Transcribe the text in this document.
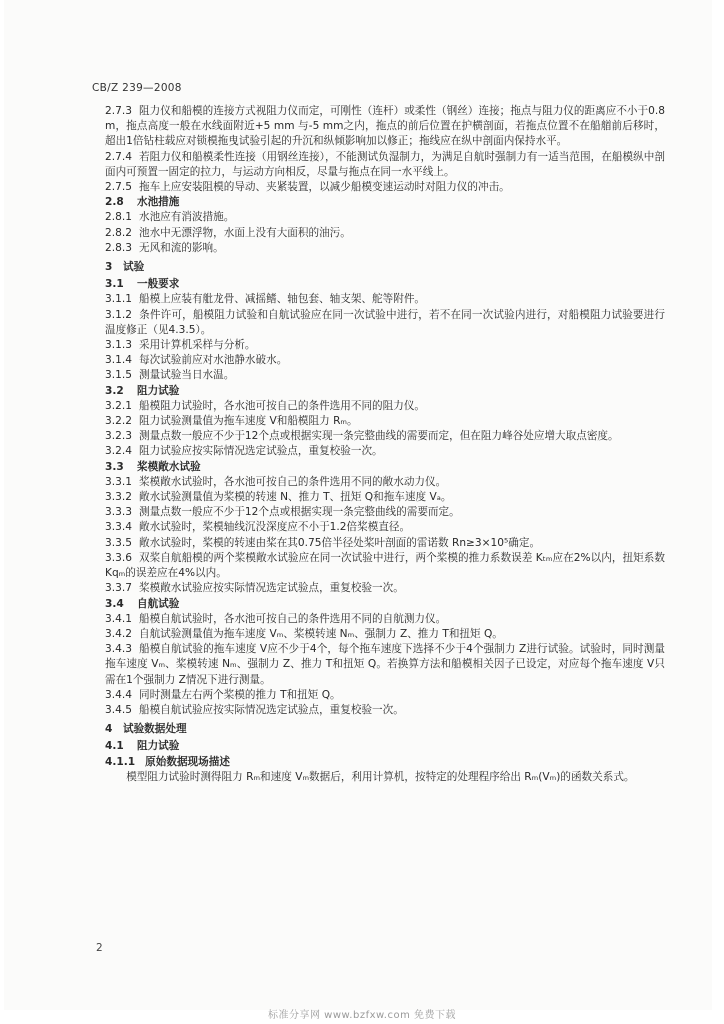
CB/Z 239—2008
2.7.3 阻力仪和船模的连接方式视阻力仪而定，可刚性（连杆）或柔性（钢丝）连接；拖点与阻力仪的距离应不小于0.8 m，拖点高度一般在水线面附近+5 mm 与-5 mm之内，拖点的前后位置在护横剖面，若拖点位置不在船艏前后移时，超出1倍钻柱载应对锁模拖曳试验引起的升沉和纵倾影响加以修正；拖线应在纵中剖面内保持水平。
2.7.4 若阻力仪和船模柔性连接（用钢丝连接），不能测试负湿制力，为满足自航时强制力有一适当范围，在船模纵中剖面内可预置一固定的拉力，与运动方向相反，尽量与拖点在同一水平线上。
2.7.5 拖车上应安装阻模的导动、夹紧装置，以减少船模变速运动时对阻力仪的冲击。
2.8 水池措施
2.8.1 水池应有消波措施。
2.8.2 池水中无漂浮物，水面上没有大面积的油污。
2.8.3 无风和流的影响。
3 试验
3.1 一般要求
3.1.1 船模上应装有舭龙骨、减摇鳍、轴包套、轴支架、舵等附件。
3.1.2 条件许可，船模阻力试验和自航试验应在同一次试验中进行，若不在同一次试验内进行，对船模阻力试验要进行温度修正（见4.3.5）。
3.1.3 采用计算机采样与分析。
3.1.4 每次试验前应对水池静水破水。
3.1.5 测量试验当日水温。
3.2 阻力试验
3.2.1 船模阻力试验时，各水池可按自己的条件选用不同的阻力仪。
3.2.2 阻力试验测量值为拖车速度 V和船模阻力 Rₘ。
3.2.3 测量点数一般应不少于12个点或根据实现一条完整曲线的需要而定，但在阻力峰谷处应增大取点密度。
3.2.4 阻力试验应按实际情况选定试验点，重复校验一次。
3.3 桨模敞水试验
3.3.1 桨模敞水试验时，各水池可按自己的条件选用不同的敞水动力仪。
3.3.2 敞水试验测量值为桨模的转速 N、推力 T、扭矩 Q和拖车速度 Vₐ。
3.3.3 测量点数一般应不少于12个点或根据实现一条完整曲线的需要而定。
3.3.4 敞水试验时，桨模轴线沉没深度应不小于1.2倍桨模直径。
3.3.5 敞水试验时，桨模的转速由桨在其0.75倍半径处桨叶剖面的雷诺数 Rn≥3×10⁵确定。
3.3.6 双桨自航船模的两个桨模敞水试验应在同一次试验中进行，两个桨模的推力系数误差 Kₜₘ应在2%以内，扭矩系数 Kqₘ的误差应在4%以内。
3.3.7 桨模敞水试验应按实际情况选定试验点，重复校验一次。
3.4 自航试验
3.4.1 船模自航试验时，各水池可按自己的条件选用不同的自航测力仪。
3.4.2 自航试验测量值为拖车速度 Vₘ、桨模转速 Nₘ、强制力 Z、推力 T和扭矩 Q。
3.4.3 船模自航试验的拖车速度 V应不少于4个，每个拖车速度下选择不少于4个强制力 Z进行试验。试验时，同时测量拖车速度 Vₘ、桨模转速 Nₘ、强制力 Z、推力 T和扭矩 Q。若换算方法和船模相关因子已设定，对应每个拖车速度 V只需在1个强制力 Z情况下进行测量。
3.4.4 同时测量左右两个桨模的推力 T和扭矩 Q。
3.4.5 船模自航试验应按实际情况选定试验点，重复校验一次。
4 试验数据处理
4.1 阻力试验
4.1.1 原始数据现场描述
模型阻力试验时测得阻力 Rₘ和速度 Vₘ数据后，利用计算机，按特定的处理程序给出 Rₘ(Vₘ)的函数关系式。
2
标准分享网 www.bzfxw.com 免费下载
